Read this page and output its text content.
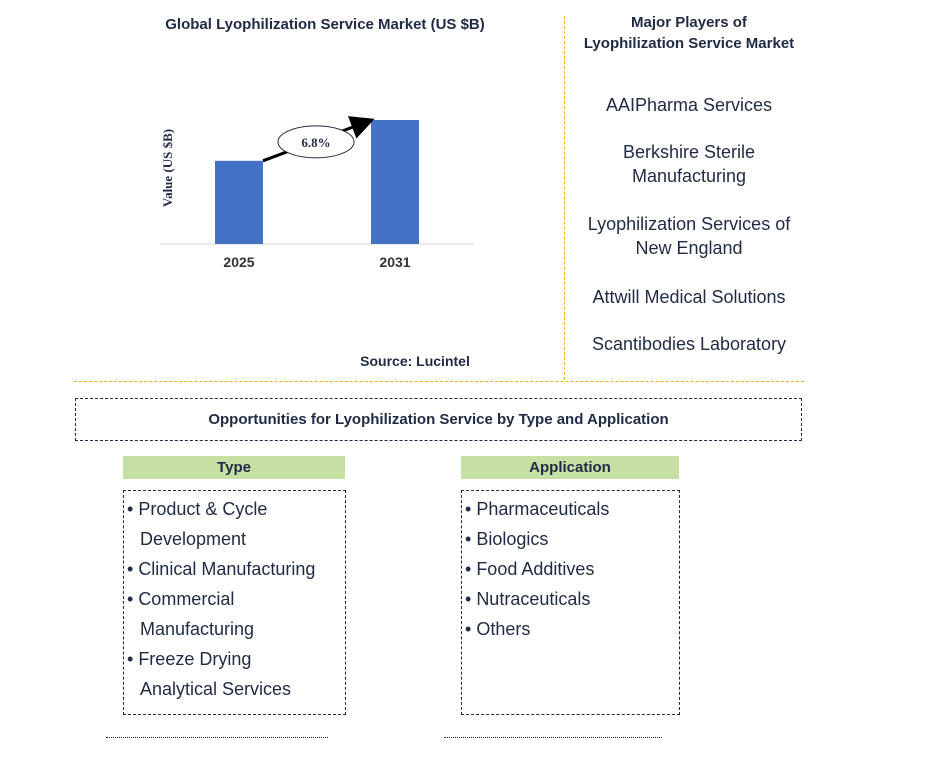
Global Lyophilization Service Market (US $B)
Value (US $B)
2025	2031
6.8%
Source: Lucintel
Major Players of Lyophilization Service Market
AAIPharma Services
Berkshire Sterile Manufacturing
Lyophilization Services of New England
Attwill Medical Solutions
Scantibodies Laboratory
Opportunities for Lyophilization Service by Type and Application
Type
• Product & Cycle Development
• Clinical Manufacturing
• Commercial Manufacturing
• Freeze Drying Analytical Services
Application
• Pharmaceuticals
• Biologics
• Food Additives
• Nutraceuticals
• Others
